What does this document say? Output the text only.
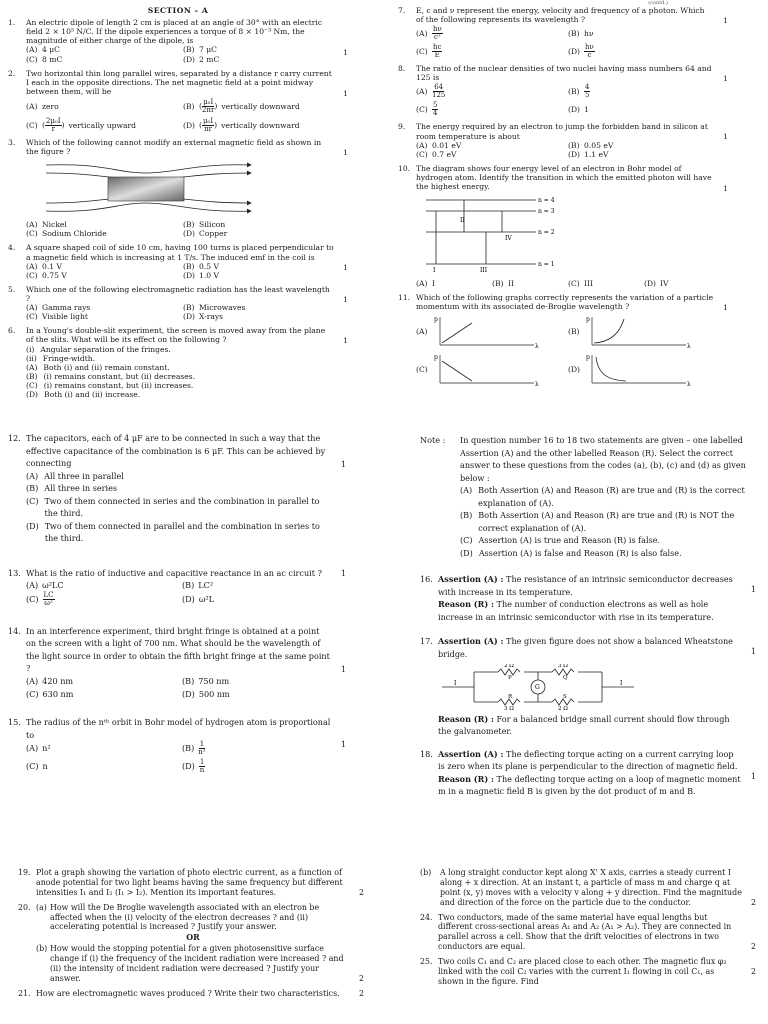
SECTION – A
1. An electric dipole of length 2 cm is placed at an angle of 30° with an electric field 2 × 10⁵ N/C. If the dipole experiences a torque of 8 × 10⁻³ Nm, the magnitude of either charge of the dipole, is
(A) 4 μC	(B) 7 μC
(C) 8 mC	(D) 2 mC
1
2. Two horizontal thin long parallel wires, separated by a distance r carry current I each in the opposite directions. The net magnetic field at a point midway between them, will be
(A) zero	(B) ( $\frac{\text{μ₀I}}{2\pi r}$ ) vertically downward
(C) ( $\frac{\text{2μ₀I}}{r}$ ) vertically upward	(D) ( $\frac{\text{μ₀I}}{\pi r}$ ) vertically downward
1
3. Which of the following cannot modify an external magnetic field as shown in the figure ?
(A) Nickel	(B) Silicon
(C) Sodium Chloride	(D) Copper
1
4. A square shaped coil of side 10 cm, having 100 turns is placed perpendicular to a magnetic field which is increasing at 1 T/s. The induced emf in the coil is
(A) 0.1 V	(B) 0.5 V
(C) 0.75 V	(D) 1.0 V
1
5. Which one of the following electromagnetic radiation has the least wavelength ?
(A) Gamma rays	(B) Microwaves
(C) Visible light	(D) X-rays
1
6. In a Young's double-slit experiment, the screen is moved away from the plane of the slits. What will be its effect on the following ?
(i) Angular separation of the fringes.
(ii) Fringe-width.
(A) Both (i) and (ii) remain constant.
(B) (i) remains constant, but (ii) decreases.
(C) (i) remains constant, but (ii) increases.
(D) Both (i) and (ii) increase.
1
(contd.)
7. E, c and ν represent the energy, velocity and frequency of a photon. Which of the following represents its wavelength ?
$(A) \frac{h\nu}{\text{c²}}$	(B) hν
$(C) \frac{hc}{E}$	$(D) \frac{h\nu}{c}$
1
8. The ratio of the nuclear densities of two nuclei having mass numbers 64 and 125 is
$(A) \frac{64}{125}$	$(B) \frac{4}{5}$
$(C) \frac{5}{4}$	(D) 1
1
9. The energy required by an electron to jump the forbidden band in silicon at room temperature is about
(A) 0.01 eV	(B) 0.05 eV
(C) 0.7 eV	(D) 1.1 eV
1
10. The diagram shows four energy level of an electron in Bohr model of hydrogen atom. Identify the transition in which the emitted photon will have the highest energy.
n = 4
n = 3
n = 2
n = 1
II
IV
I	III
(A) I	(B) II	(C) III	(D) IV
1
11. Which of the following graphs correctly represents the variation of a particle momentum with its associated de-Broglie wavelength ?
(A)
p
λ
(B)
p
λ
(C)
p
λ
(D)
p
λ
1
12. The capacitors, each of 4 μF are to be connected in such a way that the effective capacitance of the combination is 6 μF. This can be achieved by connecting
(A) All three in parallel
(B) All three in series
(C) Two of them connected in series and the combination in parallel to the third.
(D) Two of them connected in parallel and the combination in series to the third.
1
13. What is the ratio of inductive and capacitive reactance in an ac circuit ?
(A) ω²LC	(B) LC²
$(C) \frac{LC}{\text{ω²}}$	(D) ω²L
1
14. In an interference experiment, third bright fringe is obtained at a point on the screen with a light of 700 nm. What should be the wavelength of the light source in order to obtain the fifth bright fringe at the same point ?
(A) 420 nm	(B) 750 nm
(C) 630 nm	(D) 500 nm
1
15. The radius of the nᵗʰ orbit in Bohr model of hydrogen atom is proportional to
(A) n²	$(B) \frac{1}{\text{n²}}$
(C) n	$(D) \frac{1}{n}$
1
Note : In question number 16 to 18 two statements are given – one labelled Assertion (A) and the other labelled Reason (R). Select the correct answer to these questions from the codes (a), (b), (c) and (d) as given below :
(A) Both Assertion (A) and Reason (R) are true and (R) is the correct explanation of (A).
(B) Both Assertion (A) and Reason (R) are true and (R) is NOT the correct explanation of (A).
(C) Assertion (A) is true and Reason (R) is false.
(D) Assertion (A) is false and Reason (R) is also false.
16. Assertion (A) : The resistance of an intrinsic semiconductor decreases with increase in its temperature.
Reason (R) : The number of conduction electrons as well as hole increase in an intrinsic semiconductor with rise in its temperature.
1
17. Assertion (A) : The given figure does not show a balanced Wheatstone bridge.
I	I
2 Ω	3 Ω
P	Q
R	S
3 Ω	2 Ω
G
Reason (R) : For a balanced bridge small current should flow through the galvanometer.
1
18. Assertion (A) : The deflecting torque acting on a current carrying loop is zero when its plane is perpendicular to the direction of magnetic field.
Reason (R) : The deflecting torque acting on a loop of magnetic moment m in a magnetic field B is given by the dot product of m and B.
1
19. Plot a graph showing the variation of photo electric current, as a function of anode potential for two light beams having the same frequency but different intensities I₁ and I₂ (I₁ > I₂). Mention its important features.	2
20. (a) How will the De Broglie wavelength associated with an electron be affected when the (i) velocity of the electron decreases ? and (ii) accelerating potential is increased ? Justify your answer.
OR
(b) How would the stopping potential for a given photosensitive surface change if (i) the frequency of the incident radiation were increased ? and (ii) the intensity of incident radiation were decreased ? Justify your answer.	2
21. How are electromagnetic waves produced ? Write their two characteristics.	2
(b) A long straight conductor kept along X' X axis, carries a steady current I along + x direction. At an instant t, a particle of mass m and charge q at point (x, y) moves with a velocity v along + y direction. Find the magnitude and direction of the force on the particle due to the conductor.	2
24. Two conductors, made of the same material have equal lengths but different cross-sectional areas A₁ and A₂ (A₁ > A₂). They are connected in parallel across a cell. Show that the drift velocities of electrons in two conductors are equal.	2
25. Two coils C₁ and C₂ are placed close to each other. The magnetic flux φ₂ linked with the coil C₂ varies with the current I₁ flowing in coil C₁, as shown in the figure. Find
2
